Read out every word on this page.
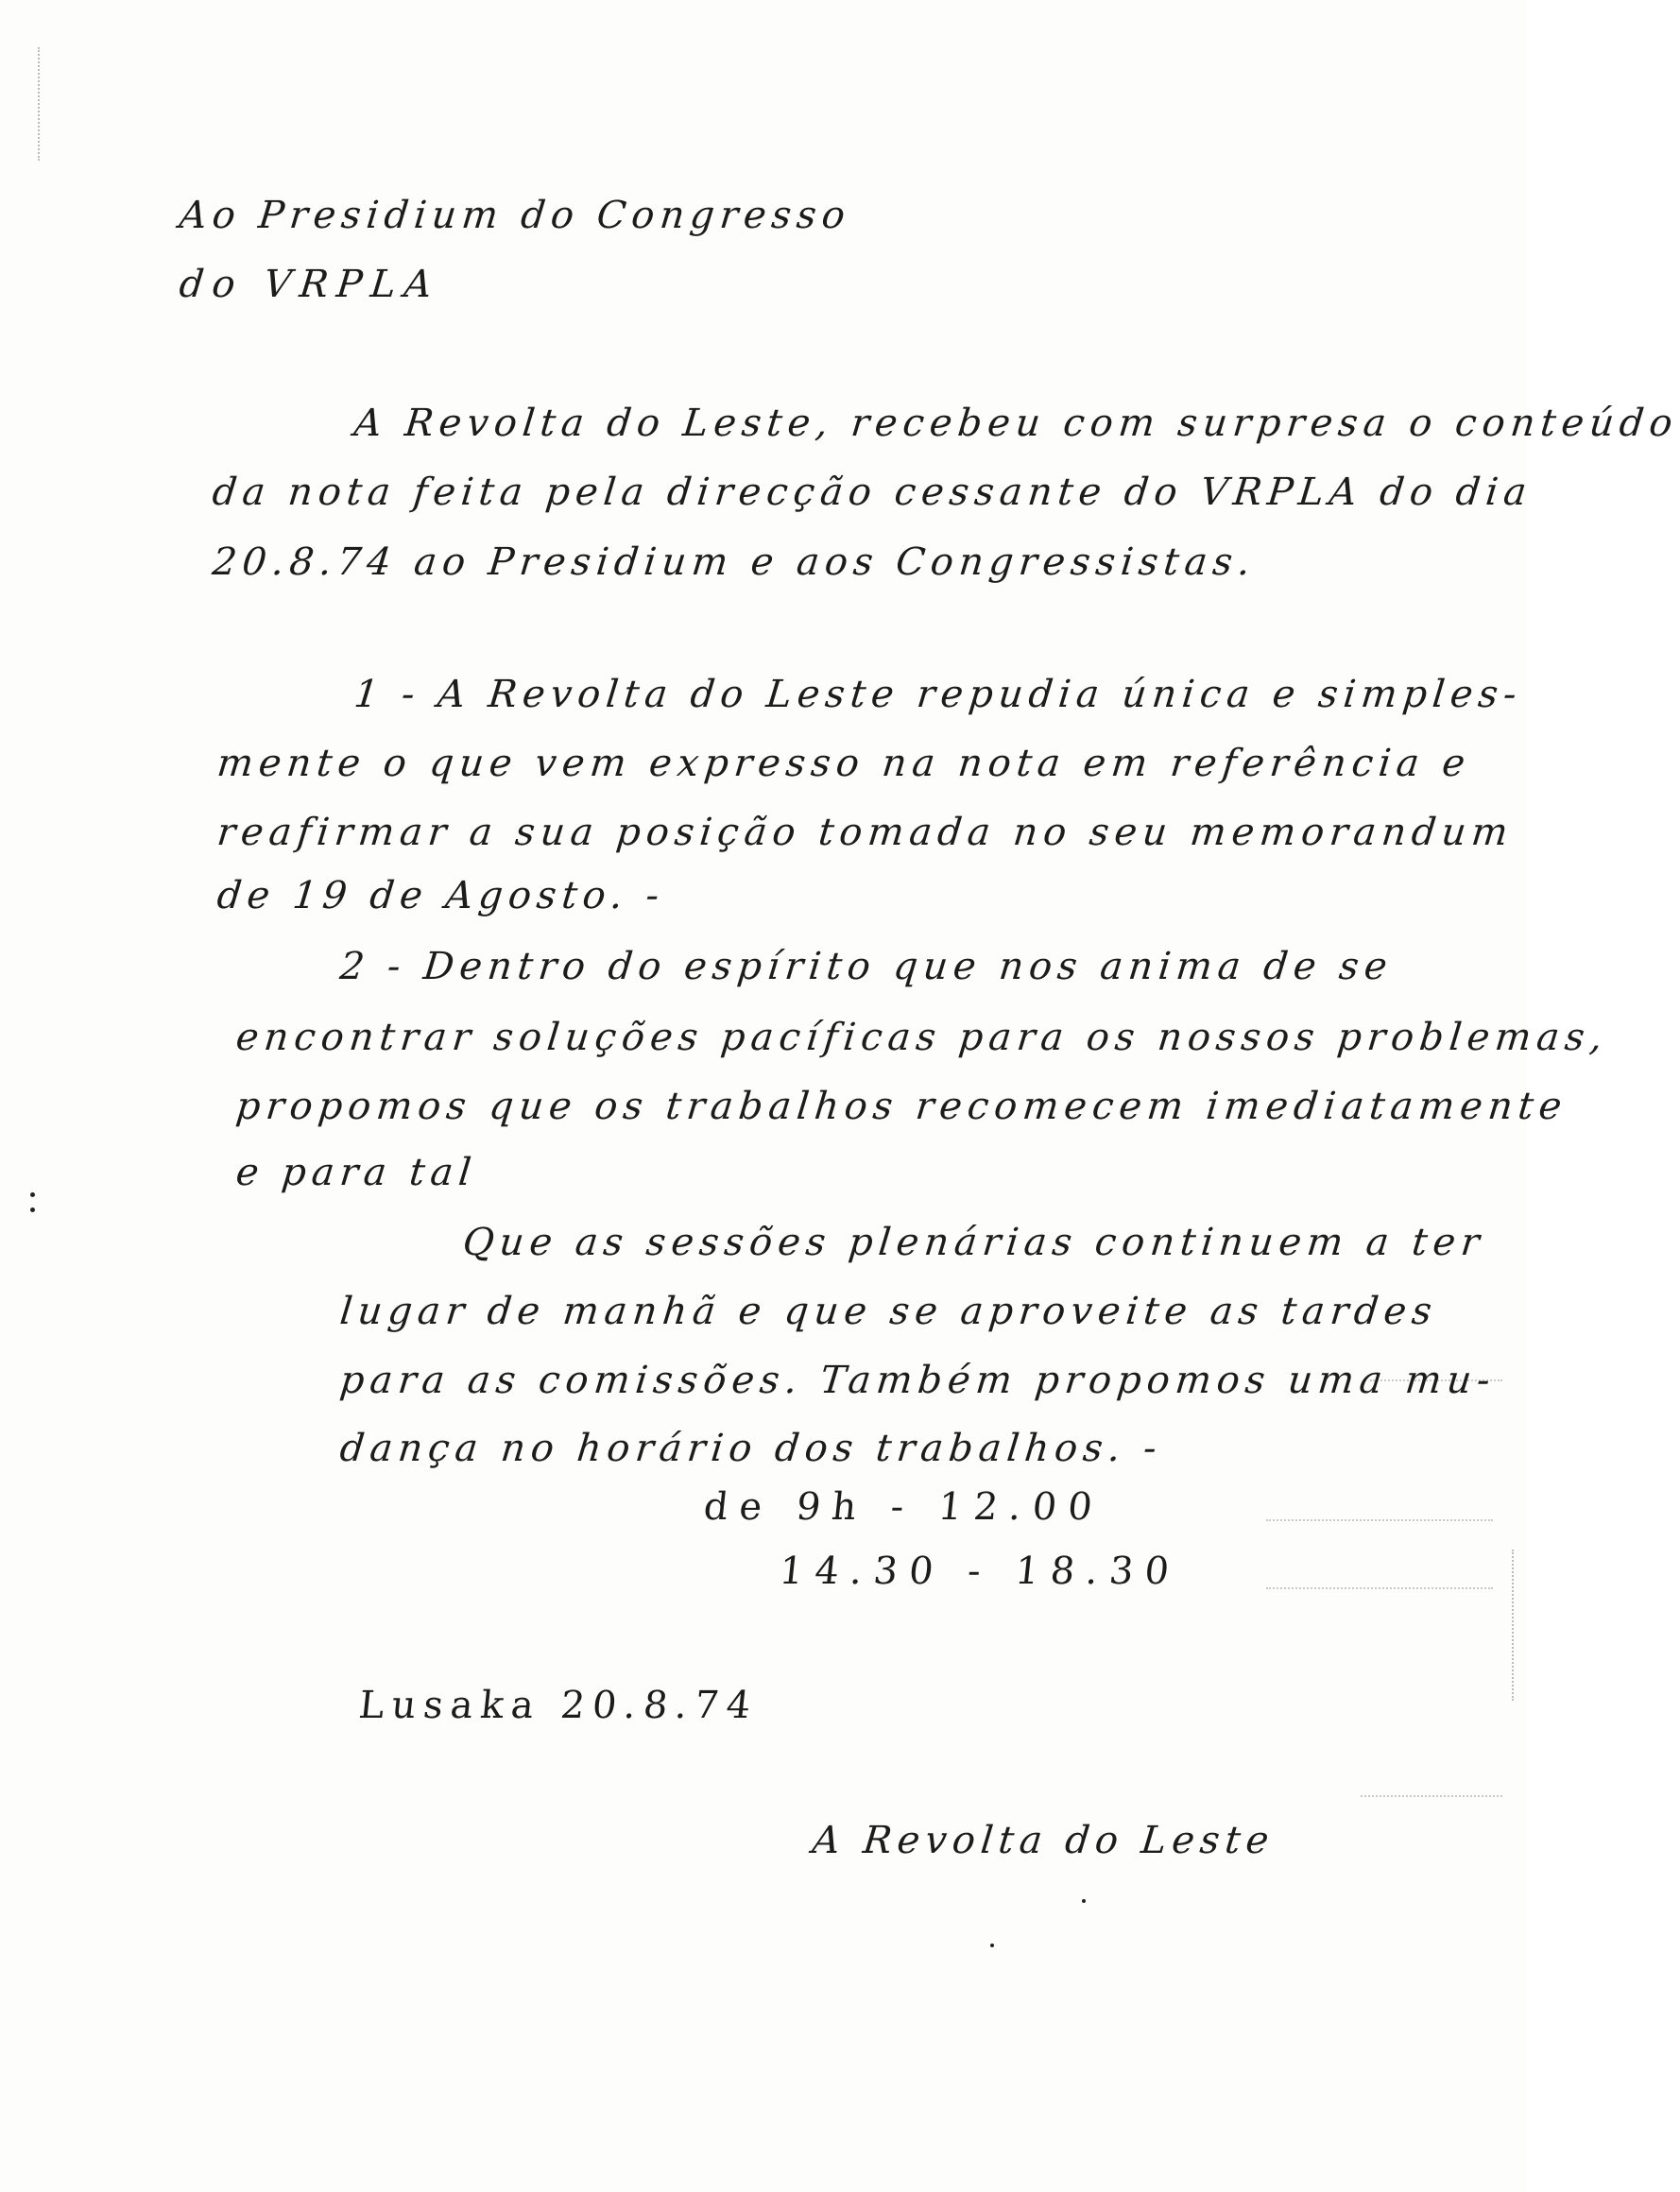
Ao Presidium do Congresso
do VRPLA
A Revolta do Leste, recebeu com surpresa o conteúdo
da nota feita pela direcção cessante do VRPLA do dia
20.8.74 ao Presidium e aos Congressistas.
1 - A Revolta do Leste repudia única e simples-
mente o que vem expresso na nota em referência e
reafirmar a sua posição tomada no seu memorandum
de 19 de Agosto. -
2 - Dentro do espírito que nos anima de se
encontrar soluções pacíficas para os nossos problemas,
propomos que os trabalhos recomecem imediatamente
e para tal
Que as sessões plenárias continuem a ter
lugar de manhã e que se aproveite as tardes
para as comissões. Também propomos uma mu-
dança no horário dos trabalhos. -
de 9h - 12.00
14.30 - 18.30
Lusaka 20.8.74
A Revolta do Leste
